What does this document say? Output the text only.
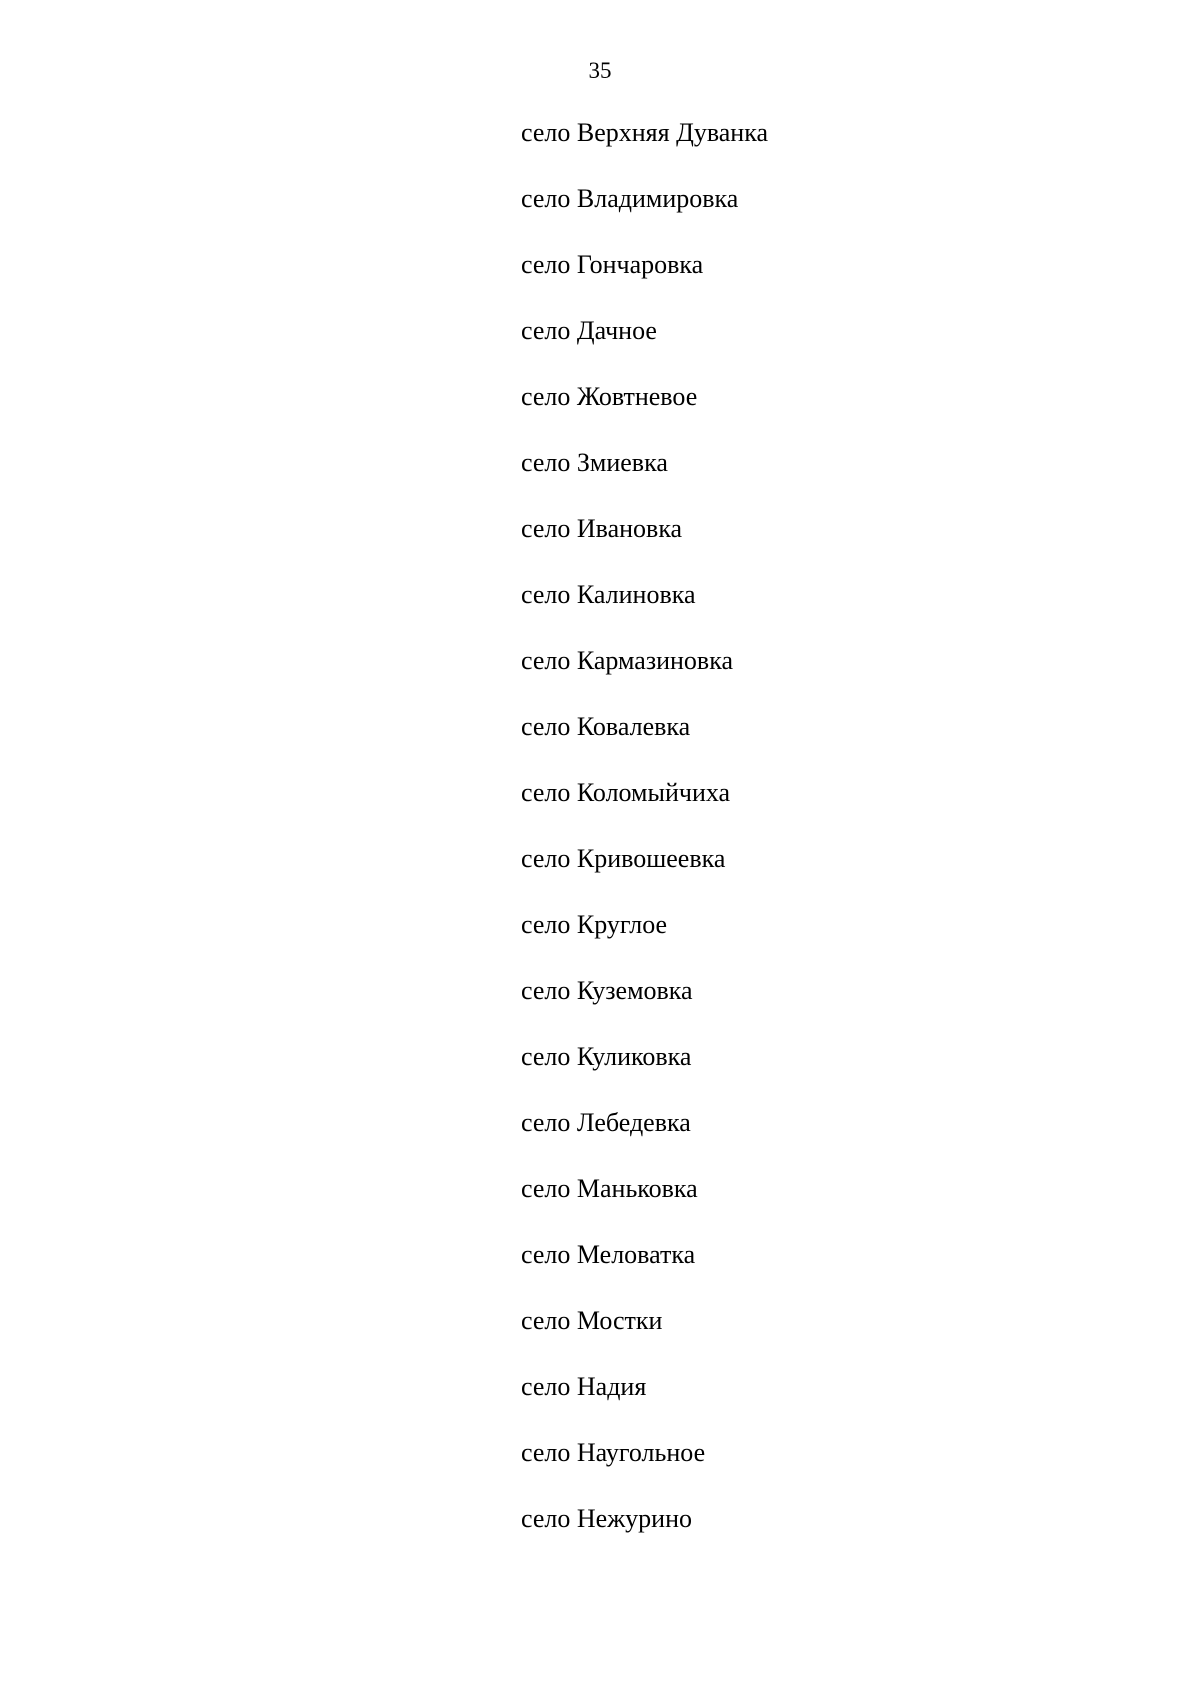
35
село Верхняя Дуванка
село Владимировка
село Гончаровка
село Дачное
село Жовтневое
село Змиевка
село Ивановка
село Калиновка
село Кармазиновка
село Ковалевка
село Коломыйчиха
село Кривошеевка
село Круглое
село Куземовка
село Куликовка
село Лебедевка
село Маньковка
село Меловатка
село Мостки
село Надия
село Наугольное
село Нежурино
